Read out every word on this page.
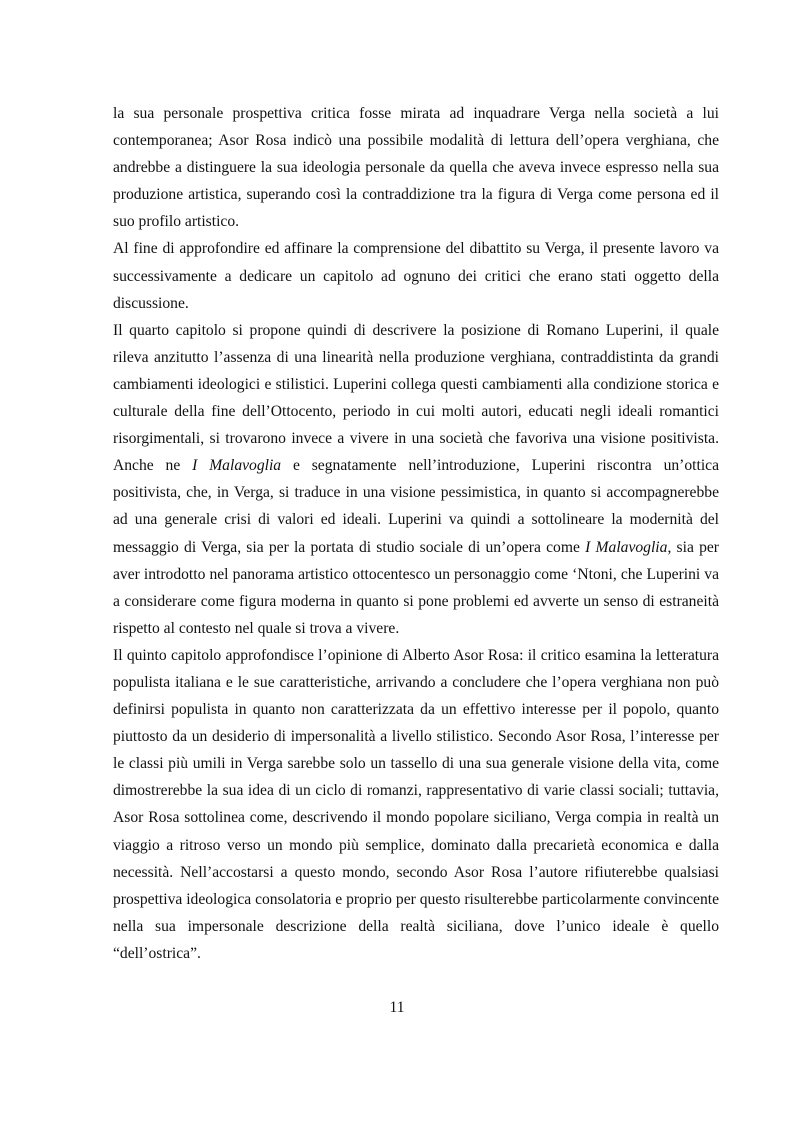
la sua personale prospettiva critica fosse mirata ad inquadrare Verga nella società a lui contemporanea; Asor Rosa indicò una possibile modalità di lettura dell’opera verghiana, che andrebbe a distinguere la sua ideologia personale da quella che aveva invece espresso nella sua produzione artistica, superando così la contraddizione tra la figura di Verga come persona ed il suo profilo artistico.

Al fine di approfondire ed affinare la comprensione del dibattito su Verga, il presente lavoro va successivamente a dedicare un capitolo ad ognuno dei critici che erano stati oggetto della discussione.

Il quarto capitolo si propone quindi di descrivere la posizione di Romano Luperini, il quale rileva anzitutto l’assenza di una linearità nella produzione verghiana, contraddistinta da grandi cambiamenti ideologici e stilistici. Luperini collega questi cambiamenti alla condizione storica e culturale della fine dell’Ottocento, periodo in cui molti autori, educati negli ideali romantici risorgimentali, si trovarono invece a vivere in una società che favoriva una visione positivista. Anche ne I Malavoglia e segnatamente nell’introduzione, Luperini riscontra un’ottica positivista, che, in Verga, si traduce in una visione pessimistica, in quanto si accompagnerebbe ad una generale crisi di valori ed ideali. Luperini va quindi a sottolineare la modernità del messaggio di Verga, sia per la portata di studio sociale di un’opera come I Malavoglia, sia per aver introdotto nel panorama artistico ottocentesco un personaggio come ‘Ntoni, che Luperini va a considerare come figura moderna in quanto si pone problemi ed avverte un senso di estraneità rispetto al contesto nel quale si trova a vivere.

Il quinto capitolo approfondisce l’opinione di Alberto Asor Rosa: il critico esamina la letteratura populista italiana e le sue caratteristiche, arrivando a concludere che l’opera verghiana non può definirsi populista in quanto non caratterizzata da un effettivo interesse per il popolo, quanto piuttosto da un desiderio di impersonalità a livello stilistico. Secondo Asor Rosa, l’interesse per le classi più umili in Verga sarebbe solo un tassello di una sua generale visione della vita, come dimostrerebbe la sua idea di un ciclo di romanzi, rappresentativo di varie classi sociali; tuttavia, Asor Rosa sottolinea come, descrivendo il mondo popolare siciliano, Verga compia in realtà un viaggio a ritroso verso un mondo più semplice, dominato dalla precarietà economica e dalla necessità. Nell’accostarsi a questo mondo, secondo Asor Rosa l’autore rifiuterebbe qualsiasi prospettiva ideologica consolatoria e proprio per questo risulterebbe particolarmente convincente nella sua impersonale descrizione della realtà siciliana, dove l’unico ideale è quello “dell’ostrica”.

11
